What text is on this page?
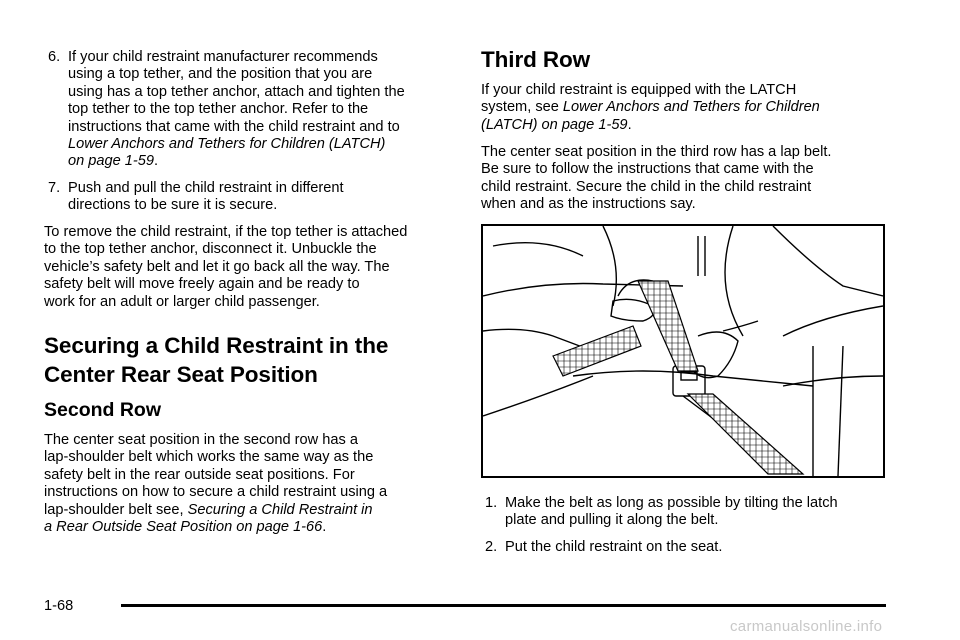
6. If your child restraint manufacturer recommends
using a top tether, and the position that you are
using has a top tether anchor, attach and tighten the
top tether to the top tether anchor. Refer to the
instructions that came with the child restraint and to
Lower Anchors and Tethers for Children (LATCH)
on page 1-59.
7. Push and pull the child restraint in different
directions to be sure it is secure.
To remove the child restraint, if the top tether is attached
to the top tether anchor, disconnect it. Unbuckle the
vehicle’s safety belt and let it go back all the way. The
safety belt will move freely again and be ready to
work for an adult or larger child passenger.
Securing a Child Restraint in the
Center Rear Seat Position
Second Row
The center seat position in the second row has a
lap-shoulder belt which works the same way as the
safety belt in the rear outside seat positions. For
instructions on how to secure a child restraint using a
lap-shoulder belt see, Securing a Child Restraint in
a Rear Outside Seat Position on page 1-66.
Third Row
If your child restraint is equipped with the LATCH
system, see Lower Anchors and Tethers for Children
(LATCH) on page 1-59.
The center seat position in the third row has a lap belt.
Be sure to follow the instructions that came with the
child restraint. Secure the child in the child restraint
when and as the instructions say.
1. Make the belt as long as possible by tilting the latch
plate and pulling it along the belt.
2. Put the child restraint on the seat.
1-68
carmanualsonline.info
